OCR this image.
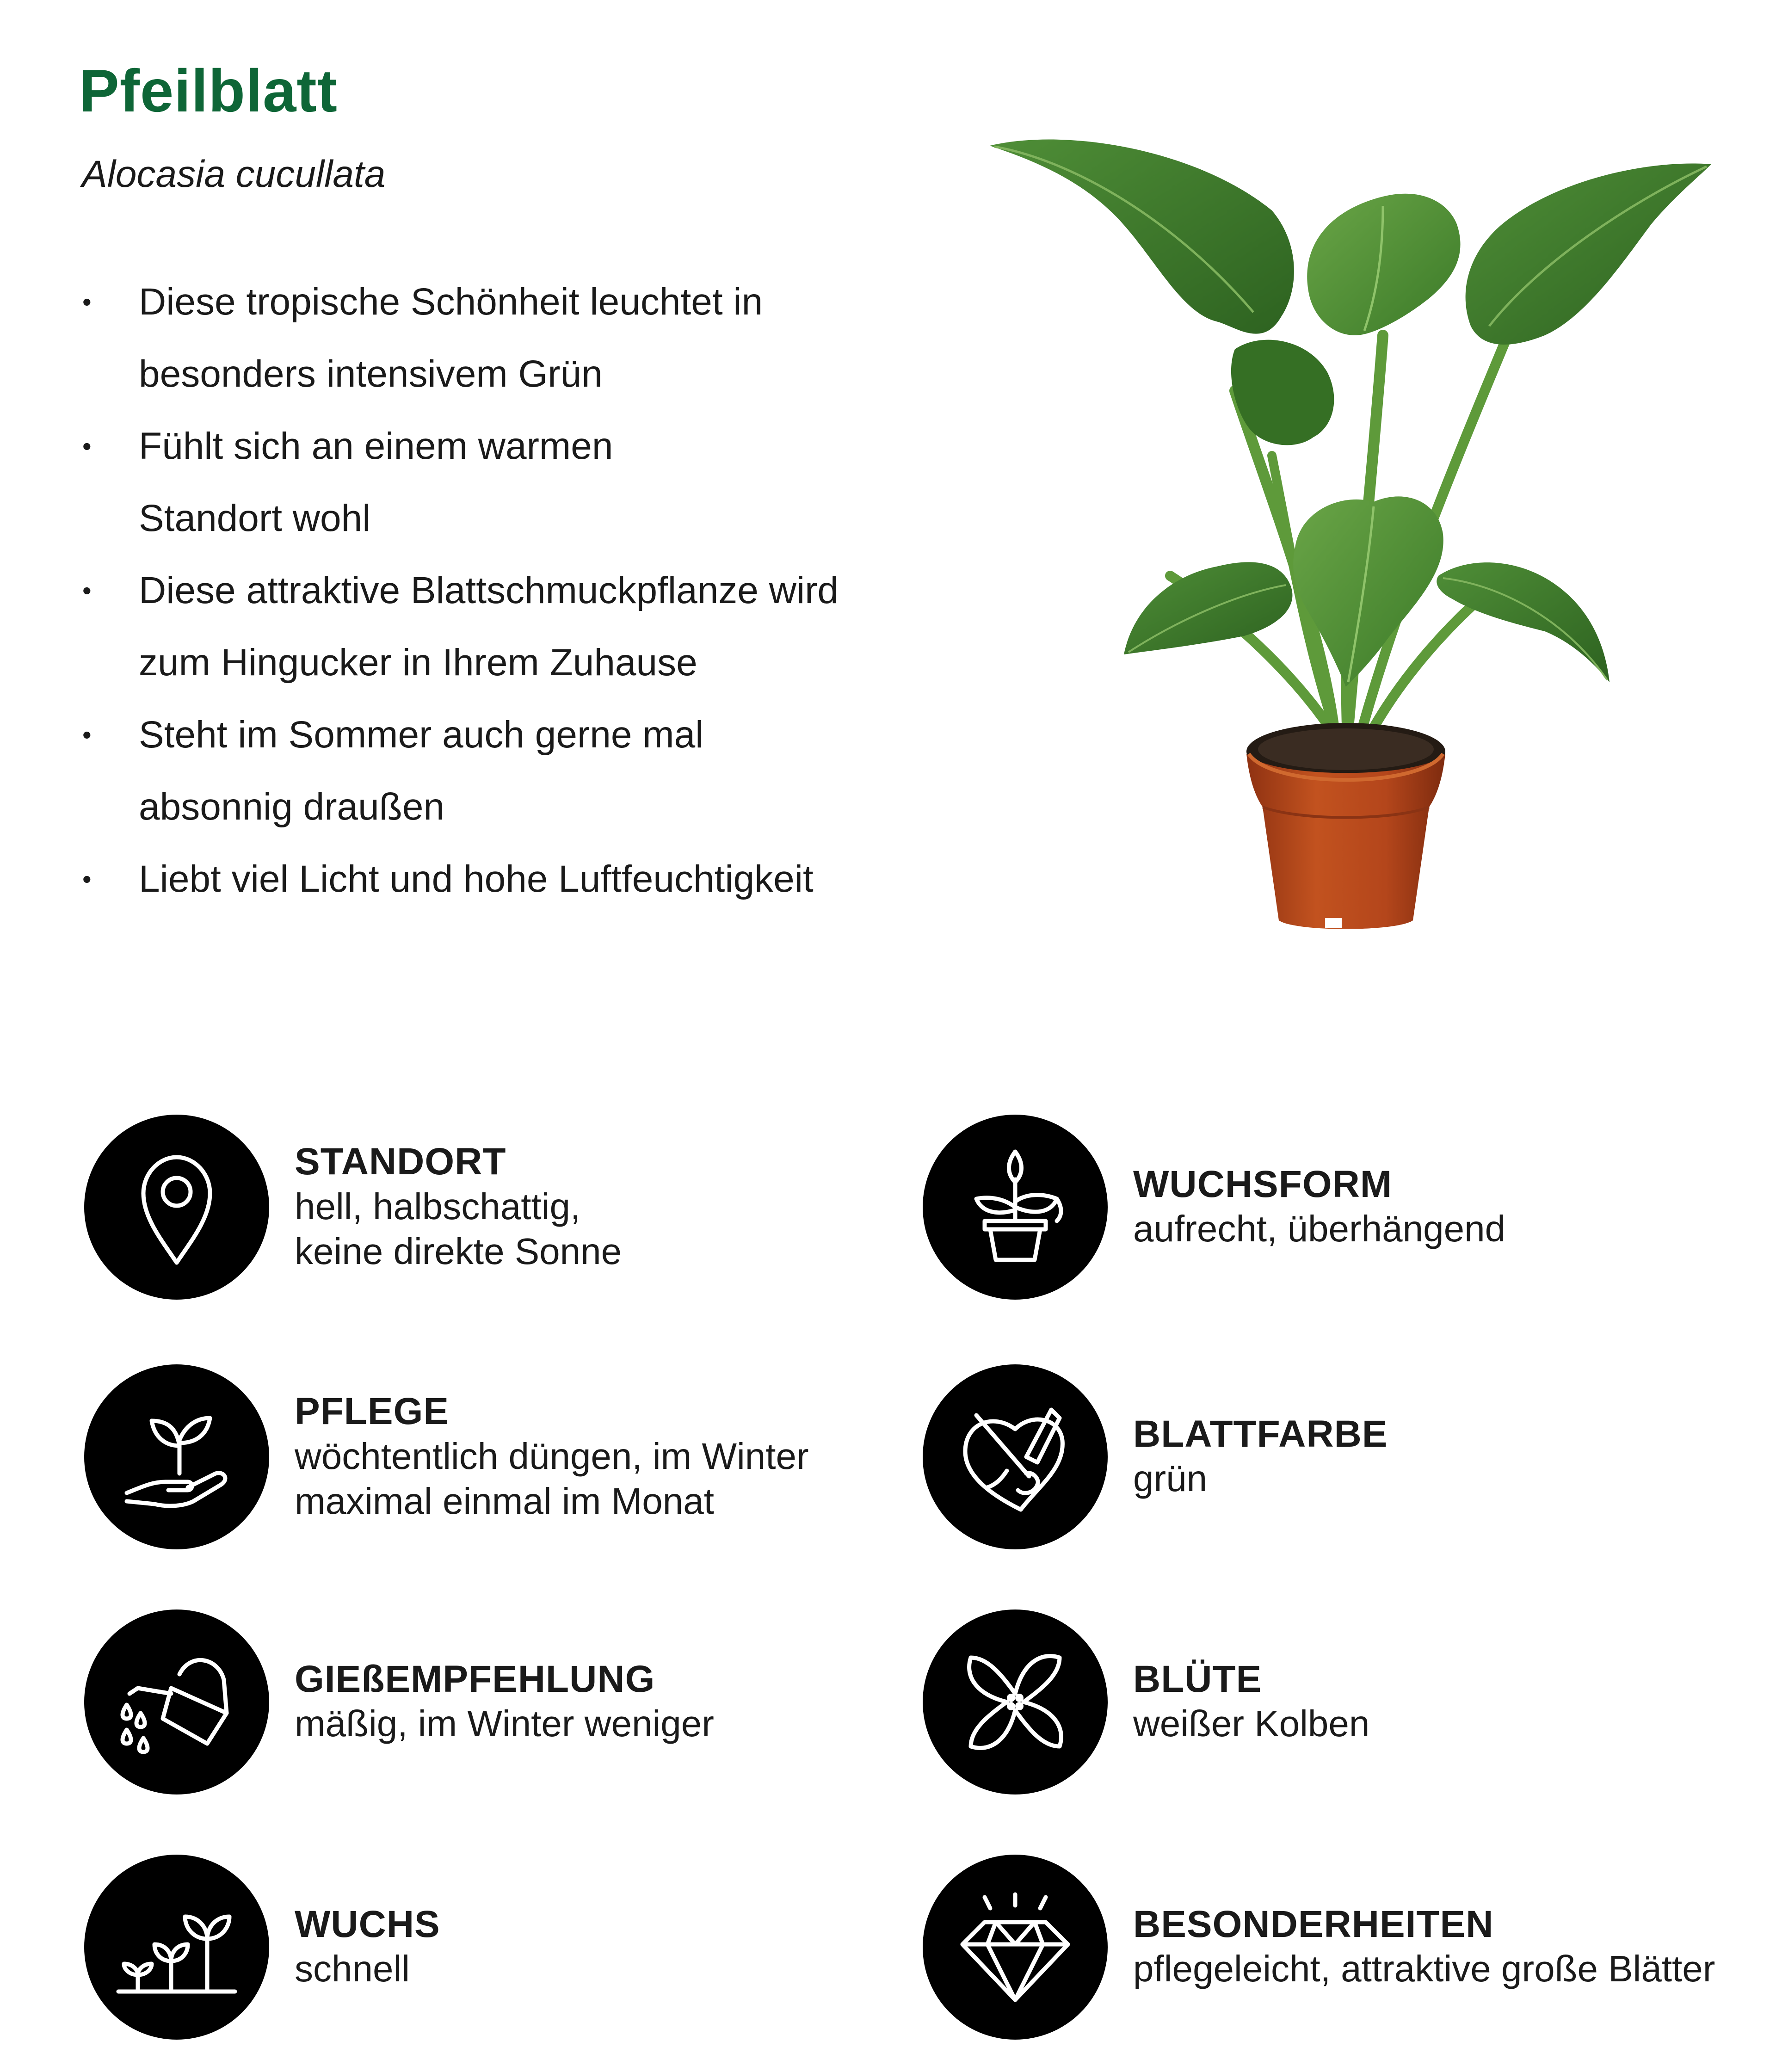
Pfeilblatt

Alocasia cucullata

• Diese tropische Schönheit leuchtet in
besonders intensivem Grün
• Fühlt sich an einem warmen
Standort wohl
• Diese attraktive Blattschmuckpflanze wird
zum Hingucker in Ihrem Zuhause
• Steht im Sommer auch gerne mal
absonnig draußen
• Liebt viel Licht und hohe Luftfeuchtigkeit
STANDORT
hell, halbschattig,
keine direkte Sonne
PFLEGE
wöchtentlich düngen, im Winter
maximal einmal im Monat
GIEßEMPFEHLUNG
mäßig, im Winter weniger
WUCHS
schnell
WUCHSFORM
aufrecht, überhängend
BLATTFARBE
grün
BLÜTE
weißer Kolben
BESONDERHEITEN
pflegeleicht, attraktive große Blätter
